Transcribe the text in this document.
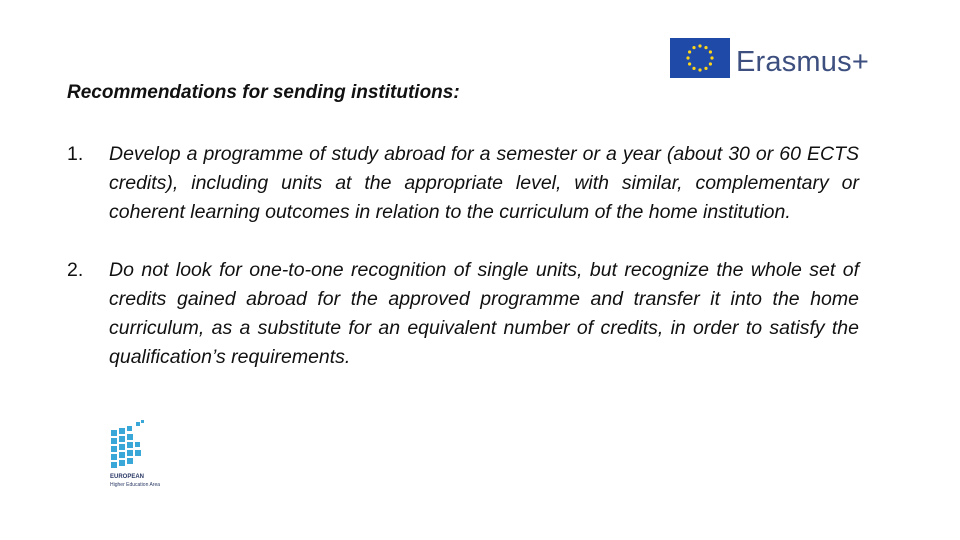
Erasmus+
Recommendations for sending institutions:
1. Develop a programme of study abroad for a semester or a year (about 30 or 60 ECTS credits), including units at the appropriate level, with similar, complementary or coherent learning outcomes in relation to the curriculum of the home institution.
2. Do not look for one-to-one recognition of single units, but recognize the whole set of credits gained abroad for the approved programme and transfer it into the home curriculum, as a substitute for an equivalent number of credits, in order to satisfy the qualification’s requirements.
EUROPEAN
Higher Education Area
